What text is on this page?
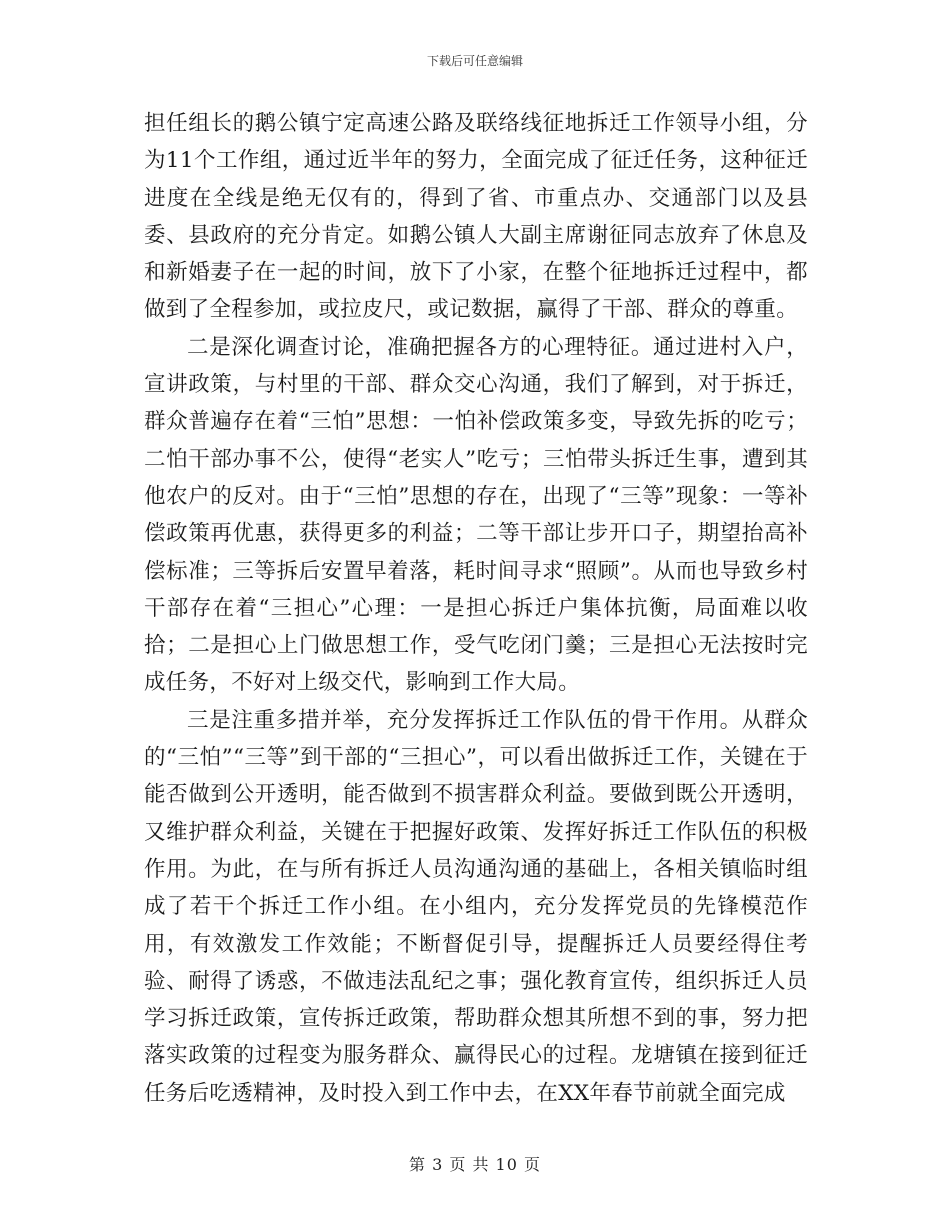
下载后可任意编辑

担任组长的鹅公镇宁定高速公路及联络线征地拆迁工作领导小组，分为11个工作组，通过近半年的努力，全面完成了征迁任务，这种征迁进度在全线是绝无仅有的，得到了省、市重点办、交通部门以及县委、县政府的充分肯定。如鹅公镇人大副主席谢征同志放弃了休息及和新婚妻子在一起的时间，放下了小家，在整个征地拆迁过程中，都做到了全程参加，或拉皮尺，或记数据，赢得了干部、群众的尊重。

二是深化调查讨论，准确把握各方的心理特征。通过进村入户，宣讲政策，与村里的干部、群众交心沟通，我们了解到，对于拆迁，群众普遍存在着“三怕”思想：一怕补偿政策多变，导致先拆的吃亏；二怕干部办事不公，使得“老实人”吃亏；三怕带头拆迁生事，遭到其他农户的反对。由于“三怕”思想的存在，出现了“三等”现象：一等补偿政策再优惠，获得更多的利益；二等干部让步开口子，期望抬高补偿标准；三等拆后安置早着落，耗时间寻求“照顾”。从而也导致乡村干部存在着“三担心”心理：一是担心拆迁户集体抗衡，局面难以收拾；二是担心上门做思想工作，受气吃闭门羹；三是担心无法按时完成任务，不好对上级交代，影响到工作大局。

三是注重多措并举，充分发挥拆迁工作队伍的骨干作用。从群众的“三怕”“三等”到干部的“三担心”，可以看出做拆迁工作，关键在于能否做到公开透明，能否做到不损害群众利益。要做到既公开透明，又维护群众利益，关键在于把握好政策、发挥好拆迁工作队伍的积极作用。为此，在与所有拆迁人员沟通沟通的基础上，各相关镇临时组成了若干个拆迁工作小组。在小组内，充分发挥党员的先锋模范作用，有效激发工作效能；不断督促引导，提醒拆迁人员要经得住考验、耐得了诱惑，不做违法乱纪之事；强化教育宣传，组织拆迁人员学习拆迁政策，宣传拆迁政策，帮助群众想其所想不到的事，努力把落实政策的过程变为服务群众、赢得民心的过程。龙塘镇在接到征迁任务后吃透精神，及时投入到工作中去，在XX年春节前就全面完成

第 3 页 共 10 页
